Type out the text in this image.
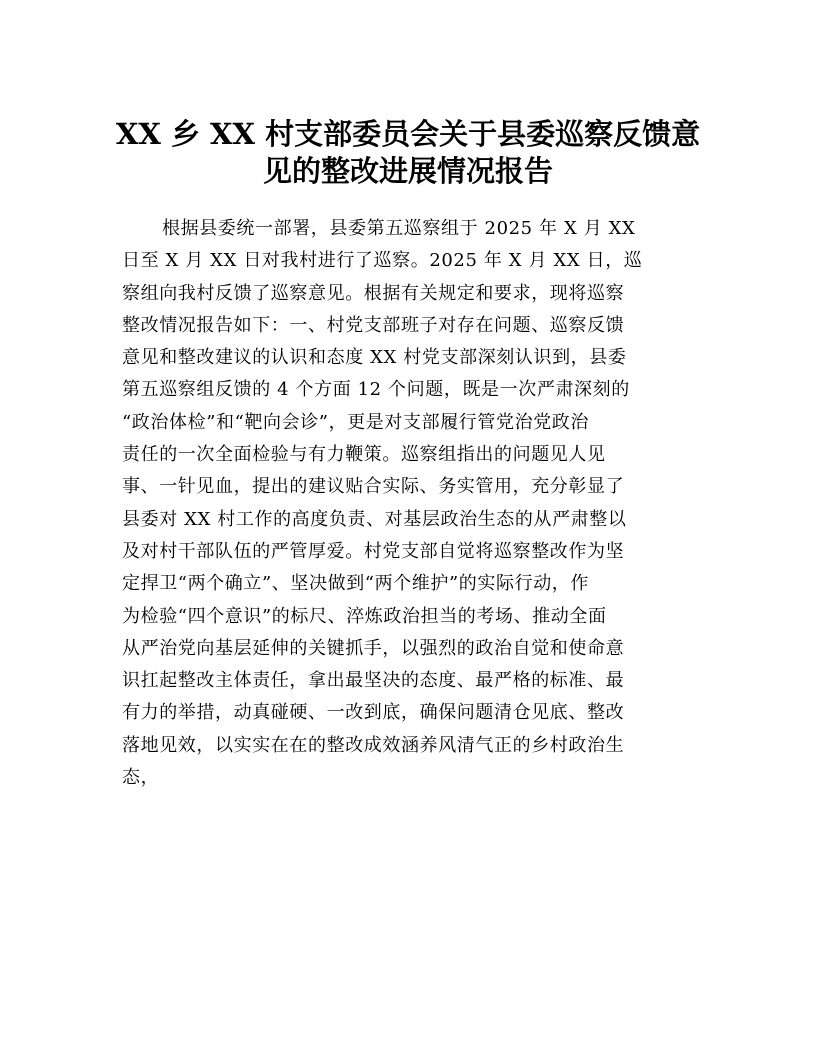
XX 乡 XX 村支部委员会关于县委巡察反馈意
见的整改进展情况报告
根据县委统一部署，县委第五巡察组于 2025 年 X 月 XX
日至 X 月 XX 日对我村进行了巡察。2025 年 X 月 XX 日，巡
察组向我村反馈了巡察意见。根据有关规定和要求，现将巡察
整改情况报告如下：一、村党支部班子对存在问题、巡察反馈
意见和整改建议的认识和态度 XX 村党支部深刻认识到，县委
第五巡察组反馈的 4 个方面 12 个问题，既是一次严肃深刻的
“政治体检”和“靶向会诊”，更是对支部履行管党治党政治
责任的一次全面检验与有力鞭策。巡察组指出的问题见人见
事、一针见血，提出的建议贴合实际、务实管用，充分彰显了
县委对 XX 村工作的高度负责、对基层政治生态的从严肃整以
及对村干部队伍的严管厚爱。村党支部自觉将巡察整改作为坚
定捍卫“两个确立”、坚决做到“两个维护”的实际行动，作
为检验“四个意识”的标尺、淬炼政治担当的考场、推动全面
从严治党向基层延伸的关键抓手，以强烈的政治自觉和使命意
识扛起整改主体责任，拿出最坚决的态度、最严格的标准、最
有力的举措，动真碰硬、一改到底，确保问题清仓见底、整改
落地见效，以实实在在的整改成效涵养风清气正的乡村政治生
态，
